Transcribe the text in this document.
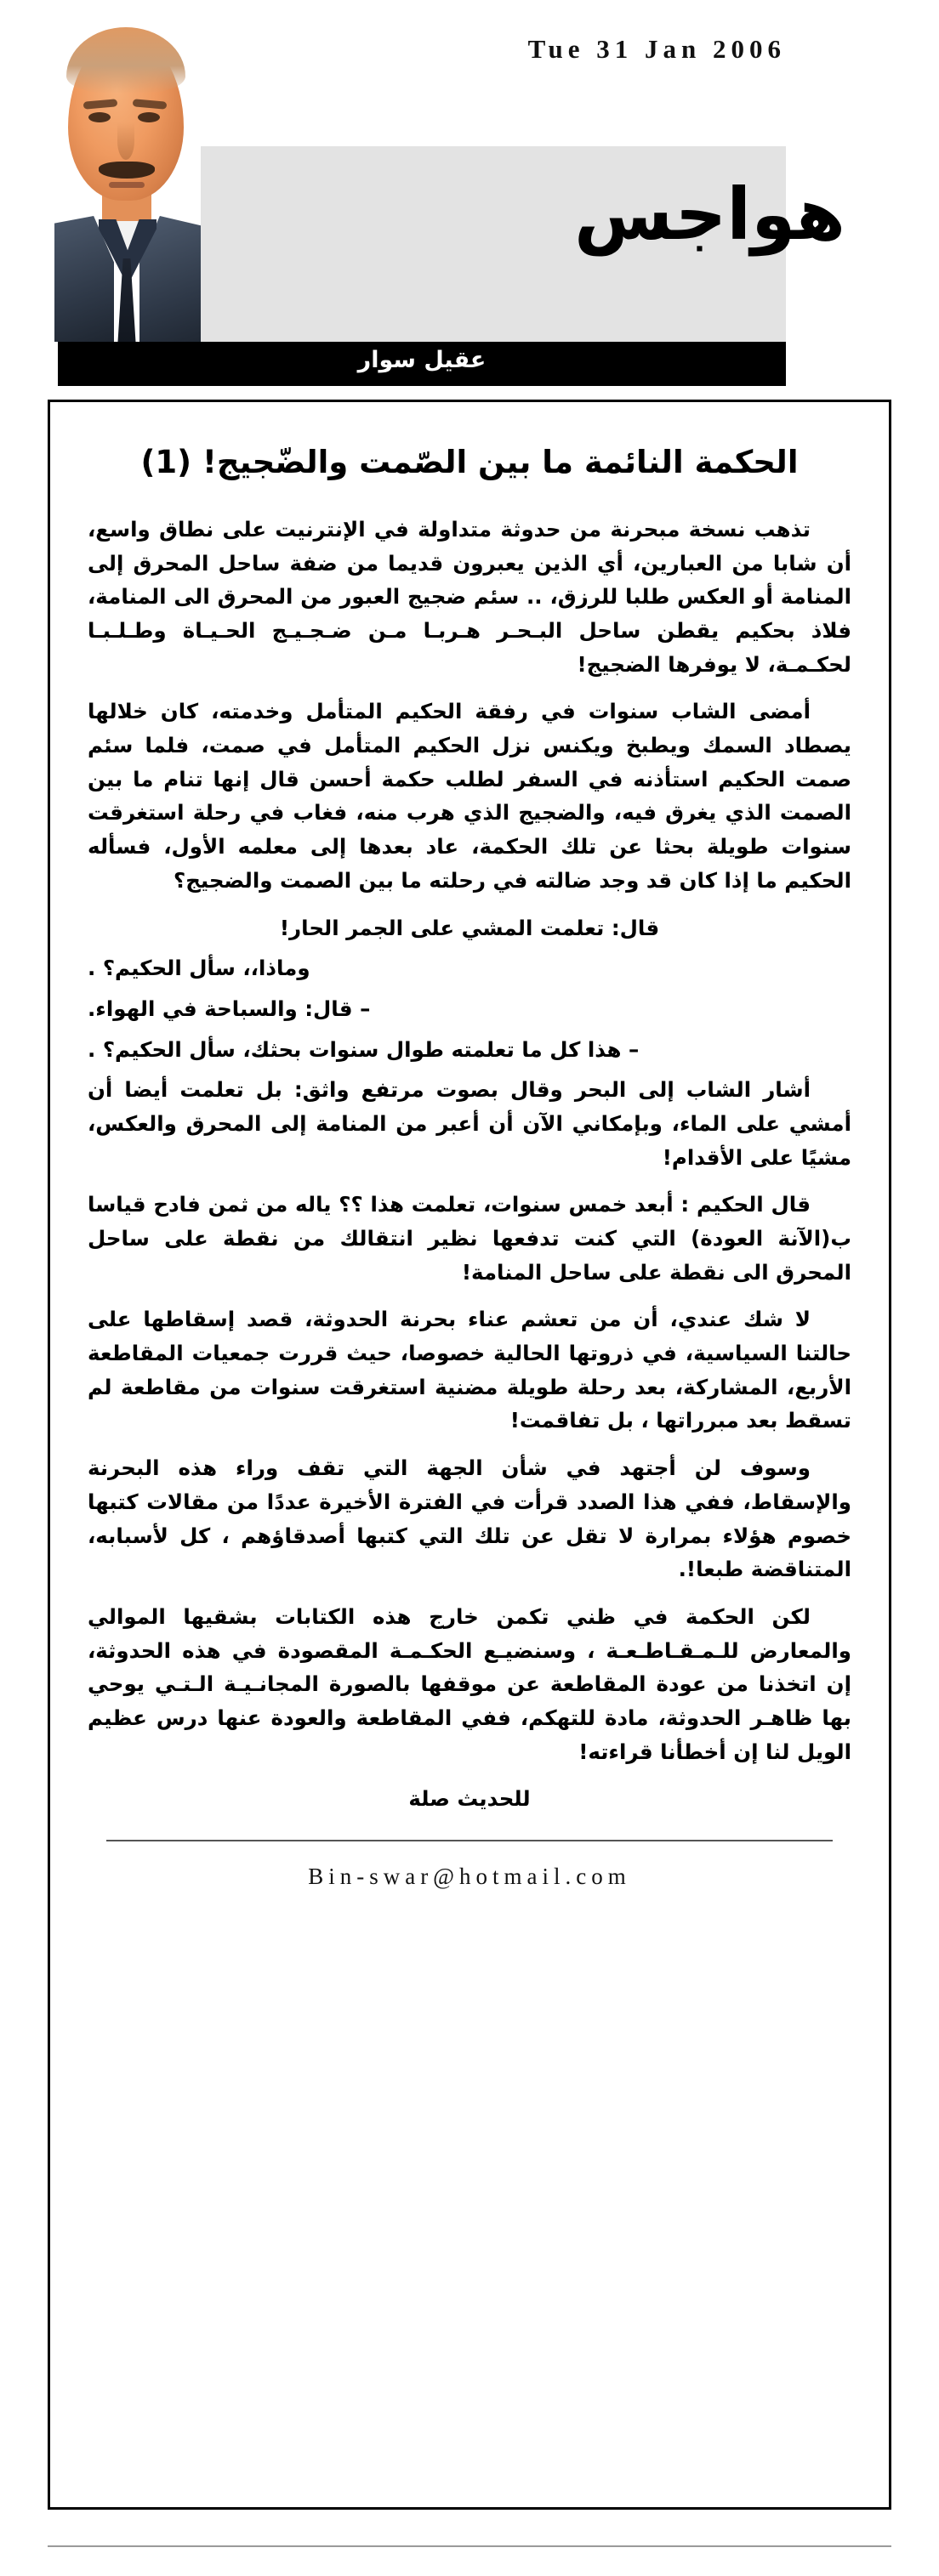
Tue 31 Jan 2006
هواجس
عقيل سوار
الحكمة النائمة ما بين الصّمت والضّجيج! (1)

تذهب نسخة مبحرنة من حدوثة متداولة في الإنترنيت على نطاق واسع، أن شابا من العبارين، أي الذين يعبرون قديما من ضفة ساحل المحرق إلى المنامة أو العكس طلبا للرزق، .. سئم ضجيج العبور من المحرق الى المنامة، فلاذ بحكيم يقطن ساحل البـحـر هـربـا مـن ضـجـيـج الحـيـاة وطـلـبـا لحكـمـة، لا يوفرها الضجيج!

أمضى الشاب سنوات في رفقة الحكيم المتأمل وخدمته، كان خلالها يصطاد السمك ويطبخ ويكنس نزل الحكيم المتأمل في صمت، فلما سئم صمت الحكيم استأذنه في السفر لطلب حكمة أحسن قال إنها تنام ما بين الصمت الذي يغرق فيه، والضجيج الذي هرب منه، فغاب في رحلة استغرقت سنوات طويلة بحثا عن تلك الحكمة، عاد بعدها إلى معلمه الأول، فسأله الحكيم ما إذا كان قد وجد ضالته في رحلته ما بين الصمت والضجيج؟

قال: تعلمت المشي على الجمر الحار!

وماذا،، سأل الحكيم؟ .

– قال: والسباحة في الهواء.

– هذا كل ما تعلمته طوال سنوات بحثك، سأل الحكيم؟ .

أشار الشاب إلى البحر وقال بصوت مرتفع واثق: بل تعلمت أيضا أن أمشي على الماء، وبإمكاني الآن أن أعبر من المنامة إلى المحرق والعكس، مشيًا على الأقدام!

قال الحكيم : أبعد خمس سنوات، تعلمت هذا ؟؟ ياله من ثمن فادح قياسا ب(الآنة العودة) التي كنت تدفعها نظير انتقالك من نقطة على ساحل المحرق الى نقطة على ساحل المنامة!

لا شك عندي، أن من تعشم عناء بحرنة الحدوثة، قصد إسقاطها على حالتنا السياسية، في ذروتها الحالية خصوصا، حيث قررت جمعيات المقاطعة الأربع، المشاركة، بعد رحلة طويلة مضنية استغرقت سنوات من مقاطعة لم تسقط بعد مبرراتها ، بل تفاقمت!

وسوف لن أجتهد في شأن الجهة التي تقف وراء هذه البحرنة والإسقاط، ففي هذا الصدد قرأت في الفترة الأخيرة عددًا من مقالات كتبها خصوم هؤلاء بمرارة لا تقل عن تلك التي كتبها أصدقاؤهم ، كل لأسبابه، المتناقضة طبعا!.

لكن الحكمة في ظني تكمن خارج هذه الكتابات بشقيها الموالي والمعارض للـمـقـاطـعـة ، وسنضيـع الحكـمـة المقصودة في هذه الحدوثة، إن اتخذنا من عودة المقاطعة عن موقفها بالصورة المجانـيـة الـتـي يوحي بها ظاهـر الحدوثة، مادة للتهكم، ففي المقاطعة والعودة عنها درس عظيم الويل لنا إن أخطأنا قراءته!

للحديث صلة

Bin-swar@hotmail.com
